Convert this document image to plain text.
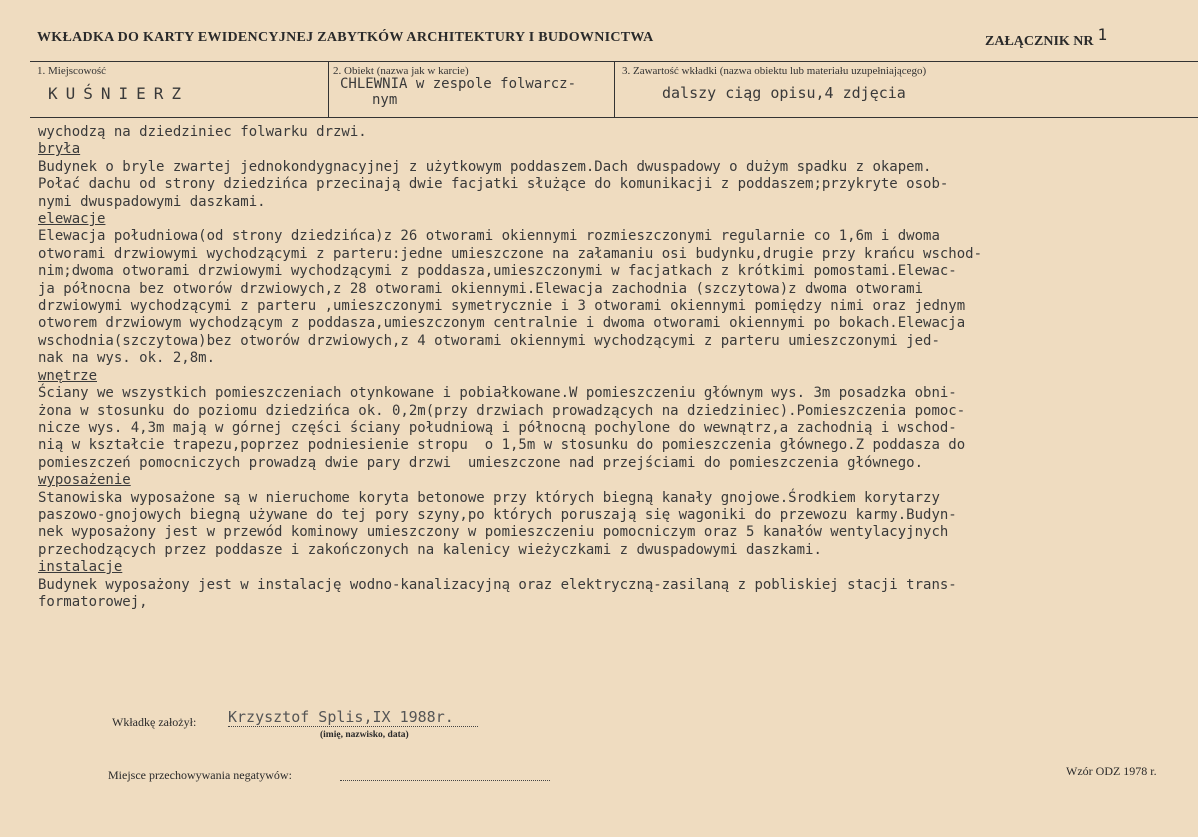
WKŁADKA DO KARTY EWIDENCYJNEJ ZABYTKÓW ARCHITEKTURY I BUDOWNICTWA	ZAŁĄCZNIK NR 1
1. Miejscowość
KUŚNIERZ
2. Obiekt (nazwa jak w karcie)
CHLEWNIA w zespole folwarcz-
nym
3. Zawartość wkładki (nazwa obiektu lub materiału uzupełniającego)
dalszy ciąg opisu,4 zdjęcia
wychodzą na dziedziniec folwarku drzwi.
bryła
Budynek o bryle zwartej jednokondygnacyjnej z użytkowym poddaszem.Dach dwuspadowy o dużym spadku z okapem.
Połać dachu od strony dziedzińca przecinają dwie facjatki służące do komunikacji z poddaszem;przykryte osob-
nymi dwuspadowymi daszkami.
elewacje
Elewacja południowa(od strony dziedzińca)z 26 otworami okiennymi rozmieszczonymi regularnie co 1,6m i dwoma
otworami drzwiowymi wychodzącymi z parteru:jedne umieszczone na załamaniu osi budynku,drugie przy krańcu wschod-
nim;dwoma otworami drzwiowymi wychodzącymi z poddasza,umieszczonymi w facjatkach z krótkimi pomostami.Elewac-
ja północna bez otworów drzwiowych,z 28 otworami okiennymi.Elewacja zachodnia (szczytowa)z dwoma otworami
drzwiowymi wychodzącymi z parteru ,umieszczonymi symetrycznie i 3 otworami okiennymi pomiędzy nimi oraz jednym
otworem drzwiowym wychodzącym z poddasza,umieszczonym centralnie i dwoma otworami okiennymi po bokach.Elewacja
wschodnia(szczytowa)bez otworów drzwiowych,z 4 otworami okiennymi wychodzącymi z parteru umieszczonymi jed-
nak na wys. ok. 2,8m.
wnętrze
Ściany we wszystkich pomieszczeniach otynkowane i pobiałkowane.W pomieszczeniu głównym wys. 3m posadzka obni-
żona w stosunku do poziomu dziedzińca ok. 0,2m(przy drzwiach prowadzących na dziedziniec).Pomieszczenia pomoc-
nicze wys. 4,3m mają w górnej części ściany południową i północną pochylone do wewnątrz,a zachodnią i wschod-
nią w kształcie trapezu,poprzez podniesienie stropu  o 1,5m w stosunku do pomieszczenia głównego.Z poddasza do
pomieszczeń pomocniczych prowadzą dwie pary drzwi  umieszczone nad przejściami do pomieszczenia głównego.
wyposażenie
Stanowiska wyposażone są w nieruchome koryta betonowe przy których biegną kanały gnojowe.Środkiem korytarzy
paszowo-gnojowych biegną używane do tej pory szyny,po których poruszają się wagoniki do przewozu karmy.Budyn-
nek wyposażony jest w przewód kominowy umieszczony w pomieszczeniu pomocniczym oraz 5 kanałów wentylacyjnych
przechodzących przez poddasze i zakończonych na kalenicy wieżyczkami z dwuspadowymi daszkami.
instalacje
Budynek wyposażony jest w instalację wodno-kanalizacyjną oraz elektryczną-zasilaną z pobliskiej stacji trans-
formatorowej,
Wkładkę założył: Krzysztof Splis,IX 1988r.
(imię, nazwisko, data)
Miejsce przechowywania negatywów:	Wzór ODZ 1978 r.
